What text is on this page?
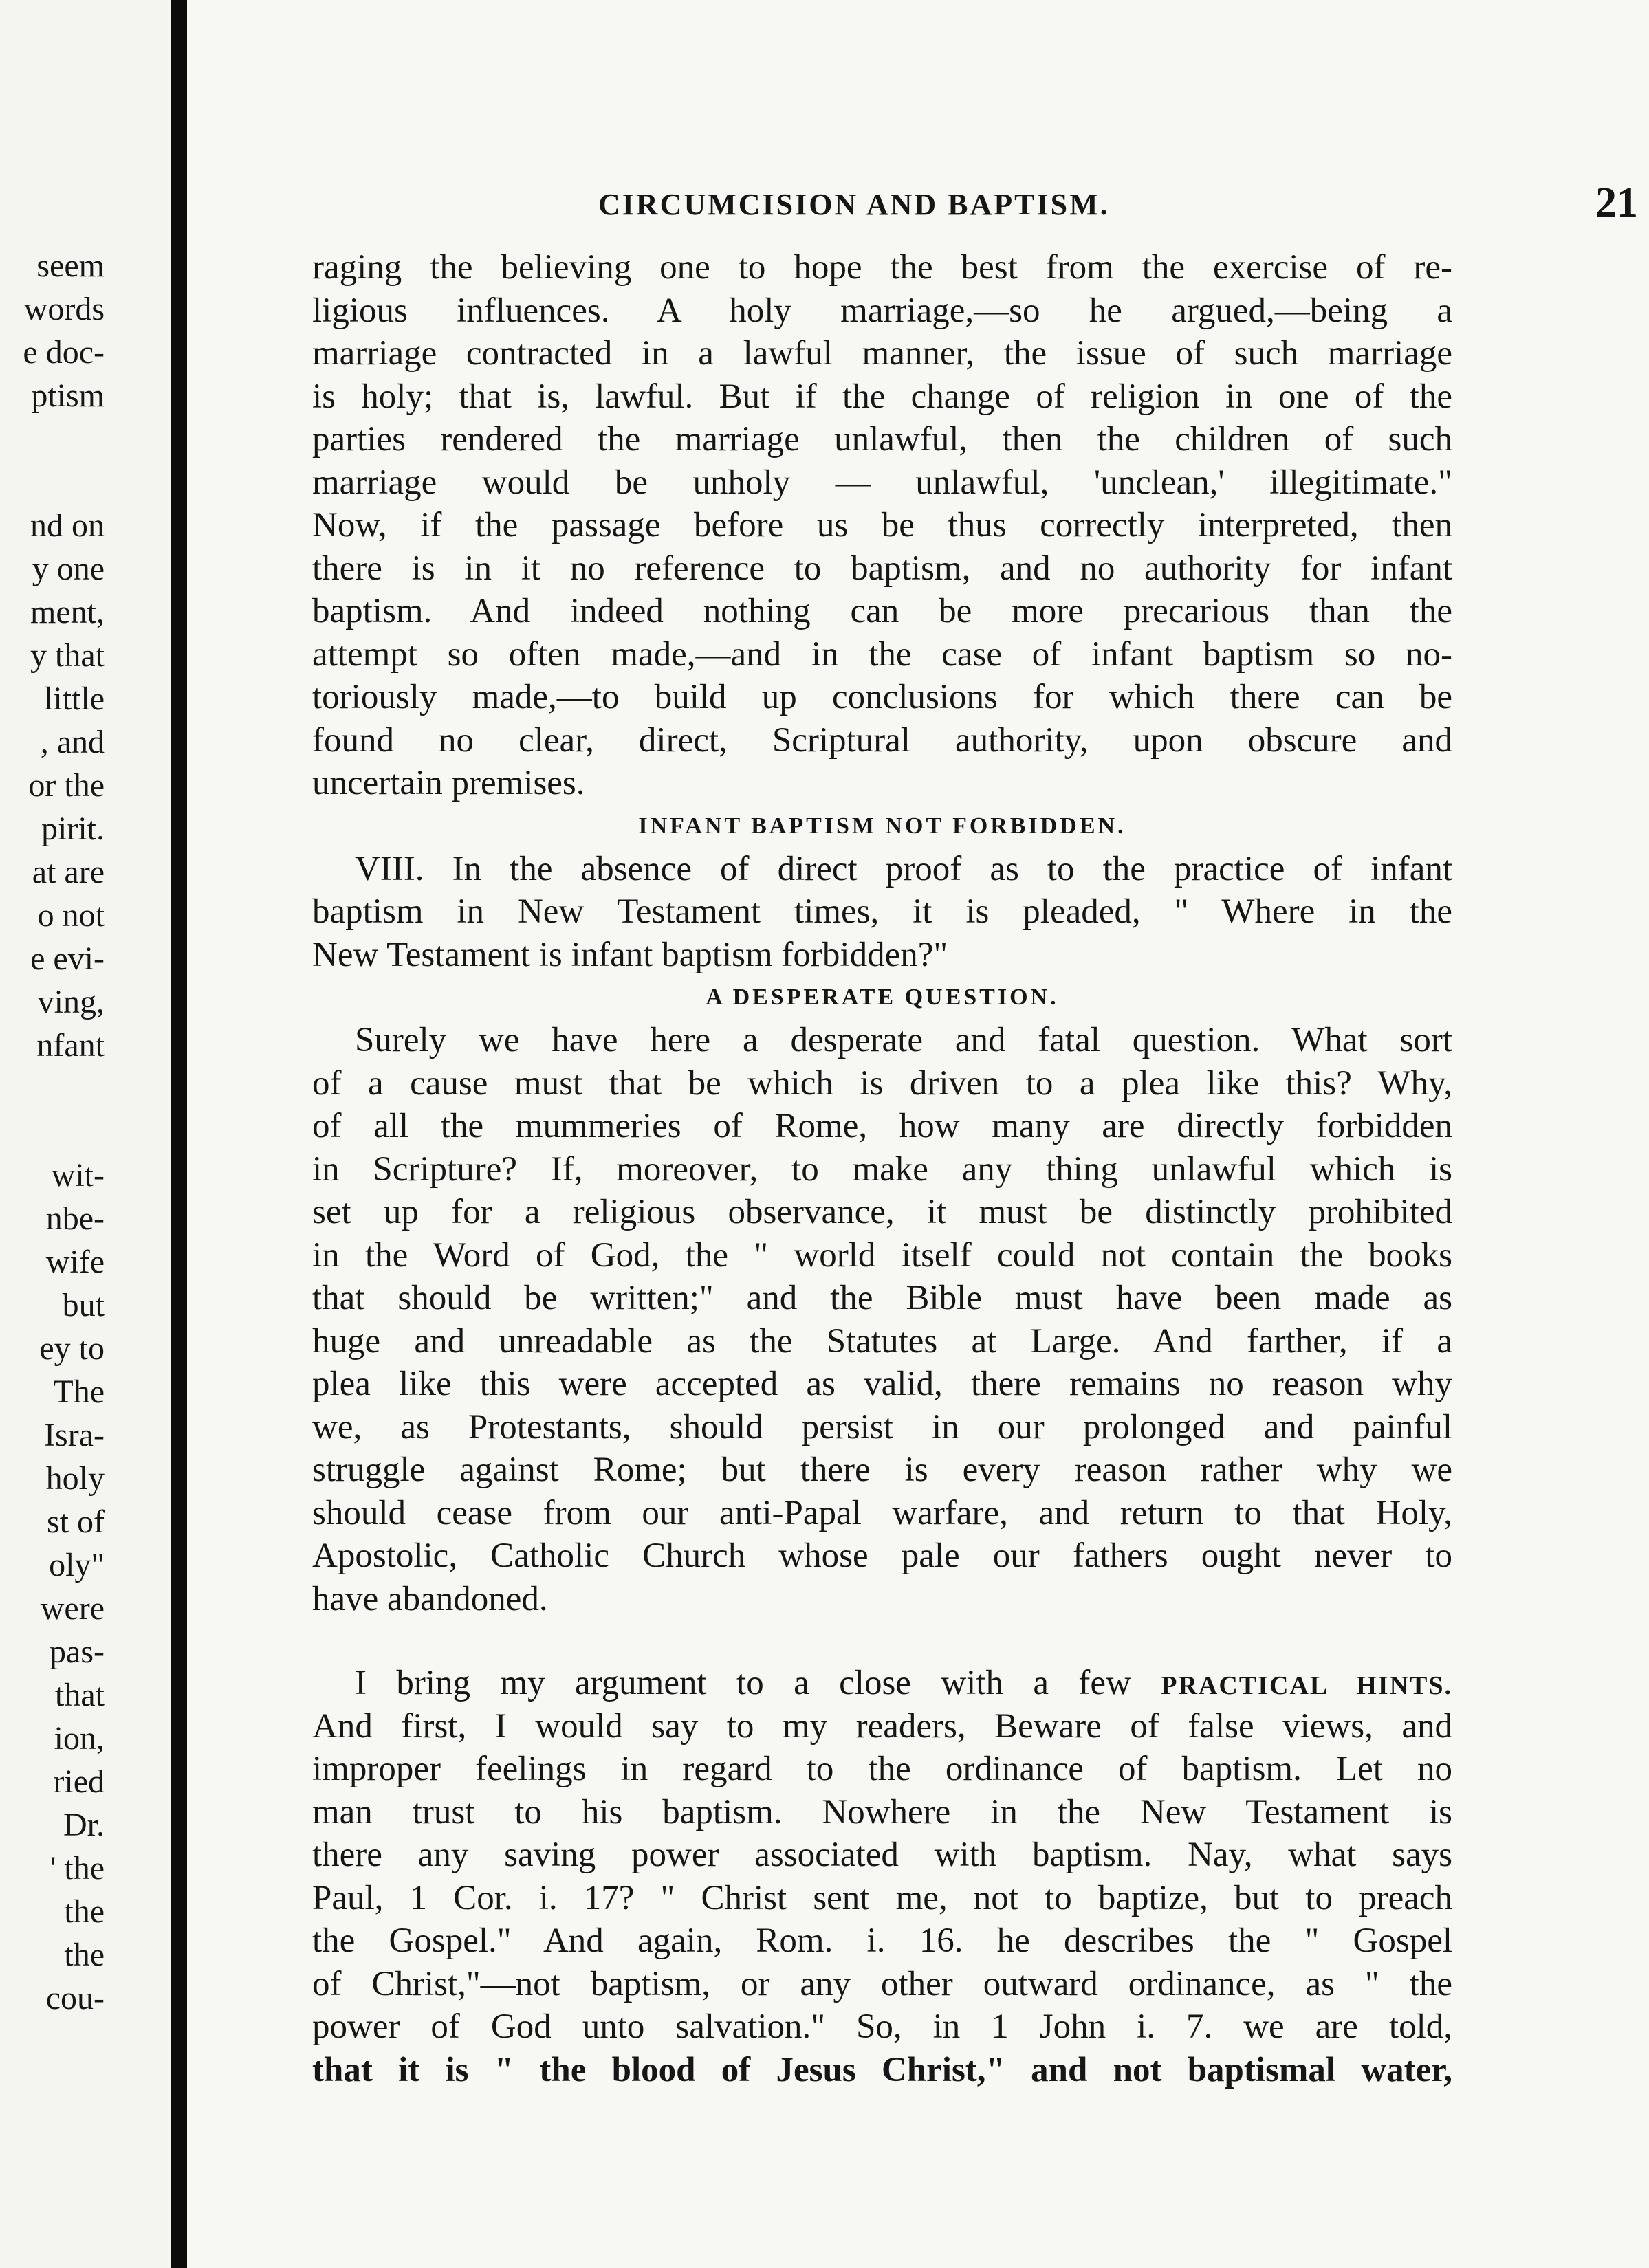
seem
words
e doc-
ptism
nd on
y one
ment,
y that
little
, and
or the
pirit.
at are
o not
e evi-
ving,
nfant
wit-
nbe-
wife
but
ey to
The
Isra-
holy
st of
oly"
were
pas-
that
ion,
ried
Dr.
' the
the
the
cou-
CIRCUMCISION AND BAPTISM.	21
raging the believing one to hope the best from the exercise of re-
ligious influences. A holy marriage,—so he argued,—being a
marriage contracted in a lawful manner, the issue of such marriage
is holy; that is, lawful. But if the change of religion in one of the
parties rendered the marriage unlawful, then the children of such
marriage would be unholy — unlawful, 'unclean,' illegitimate."
Now, if the passage before us be thus correctly interpreted, then
there is in it no reference to baptism, and no authority for infant
baptism. And indeed nothing can be more precarious than the
attempt so often made,—and in the case of infant baptism so no-
toriously made,—to build up conclusions for which there can be
found no clear, direct, Scriptural authority, upon obscure and
uncertain premises.
INFANT BAPTISM NOT FORBIDDEN.
VIII. In the absence of direct proof as to the practice of infant
baptism in New Testament times, it is pleaded, " Where in the
New Testament is infant baptism forbidden?"
A DESPERATE QUESTION.
Surely we have here a desperate and fatal question. What sort
of a cause must that be which is driven to a plea like this? Why,
of all the mummeries of Rome, how many are directly forbidden
in Scripture? If, moreover, to make any thing unlawful which is
set up for a religious observance, it must be distinctly prohibited
in the Word of God, the " world itself could not contain the books
that should be written;" and the Bible must have been made as
huge and unreadable as the Statutes at Large. And farther, if a
plea like this were accepted as valid, there remains no reason why
we, as Protestants, should persist in our prolonged and painful
struggle against Rome; but there is every reason rather why we
should cease from our anti-Papal warfare, and return to that Holy,
Apostolic, Catholic Church whose pale our fathers ought never to
have abandoned.
I bring my argument to a close with a few PRACTICAL HINTS.
And first, I would say to my readers, Beware of false views, and
improper feelings in regard to the ordinance of baptism. Let no
man trust to his baptism. Nowhere in the New Testament is
there any saving power associated with baptism. Nay, what says
Paul, 1 Cor. i. 17? " Christ sent me, not to baptize, but to preach
the Gospel." And again, Rom. i. 16. he describes the " Gospel
of Christ,"—not baptism, or any other outward ordinance, as " the
power of God unto salvation." So, in 1 John i. 7. we are told,
that it is " the blood of Jesus Christ," and not baptismal water,
